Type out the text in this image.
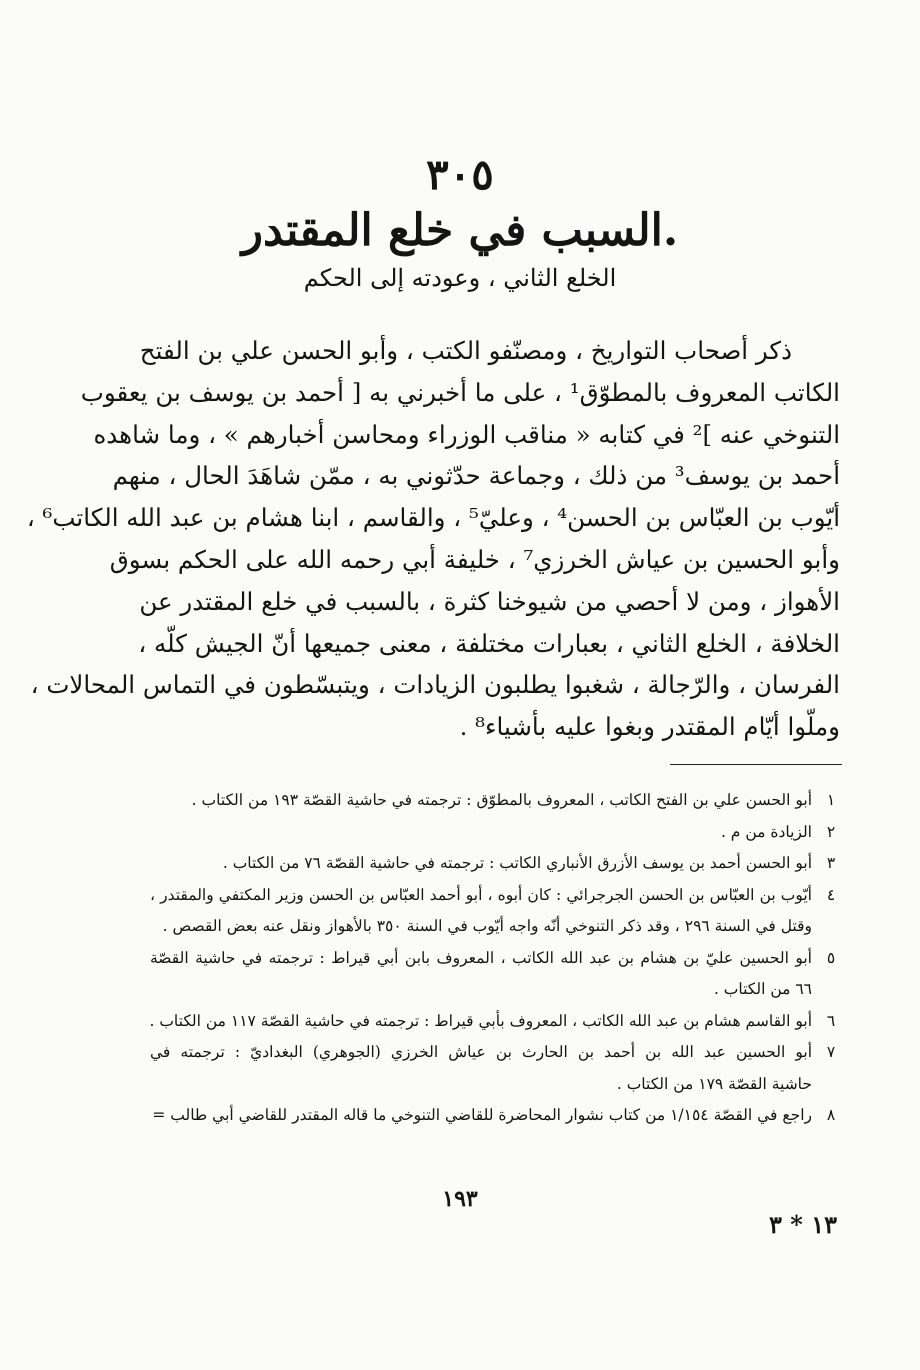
٣٠٥
.السبب في خلع المقتدر
الخلع الثاني ، وعودته إلى الحكم
ذكر أصحاب التواريخ ، ومصنّفو الكتب ، وأبو الحسن علي بن الفتح
الكاتب المعروف بالمطوّق¹ ، على ما أخبرني به [ أحمد بن يوسف بن يعقوب
التنوخي عنه ]² في كتابه « مناقب الوزراء ومحاسن أخبارهم » ، وما شاهده
أحمد بن يوسف³ من ذلك ، وجماعة حدّثوني به ، ممّن شاهَدَ الحال ، منهم
أيّوب بن العبّاس بن الحسن⁴ ، وعليّ⁵ ، والقاسم ، ابنا هشام بن عبد الله الكاتب⁶ ،
وأبو الحسين بن عياش الخرزي⁷ ، خليفة أبي رحمه الله على الحكم بسوق
الأهواز ، ومن لا أحصي من شيوخنا كثرة ، بالسبب في خلع المقتدر عن
الخلافة ، الخلع الثاني ، بعبارات مختلفة ، معنى جميعها أنّ الجيش كلّه ،
الفرسان ، والرّجالة ، شغبوا يطلبون الزيادات ، ويتبسّطون في التماس المحالات ،
وملّوا أيّام المقتدر وبغوا عليه بأشياء⁸ .
١
أبو الحسن علي بن الفتح الكاتب ، المعروف بالمطوّق : ترجمته في حاشية القصّة ١٩٣ من الكتاب .
٢
الزيادة من م .
٣
أبو الحسن أحمد بن يوسف الأزرق الأنباري الكاتب : ترجمته في حاشية القصّة ٧٦ من الكتاب .
٤
أيّوب بن العبّاس بن الحسن الجرجرائي : كان أبوه ، أبو أحمد العبّاس بن الحسن وزير المكتفي والمقتدر ،
وقتل في السنة ٢٩٦ ، وقد ذكر التنوخي أنّه واجه أيّوب في السنة ٣٥٠ بالأهواز ونقل عنه بعض القصص .
٥
أبو الحسين عليّ بن هشام بن عبد الله الكاتب ، المعروف بابن أبي قيراط : ترجمته في حاشية القصّة
٦٦ من الكتاب .
٦
أبو القاسم هشام بن عبد الله الكاتب ، المعروف بأبي قيراط : ترجمته في حاشية القصّة ١١٧ من الكتاب .
٧
أبو الحسين عبد الله بن أحمد بن الحارث بن عياش الخرزي (الجوهري) البغداديّ : ترجمته في
حاشية القصّة ١٧٩ من الكتاب .
٨
راجع في القصّة ١/١٥٤ من كتاب نشوار المحاضرة للقاضي التنوخي ما قاله المقتدر للقاضي أبي طالب =
١٩٣
١٣ * ٣
